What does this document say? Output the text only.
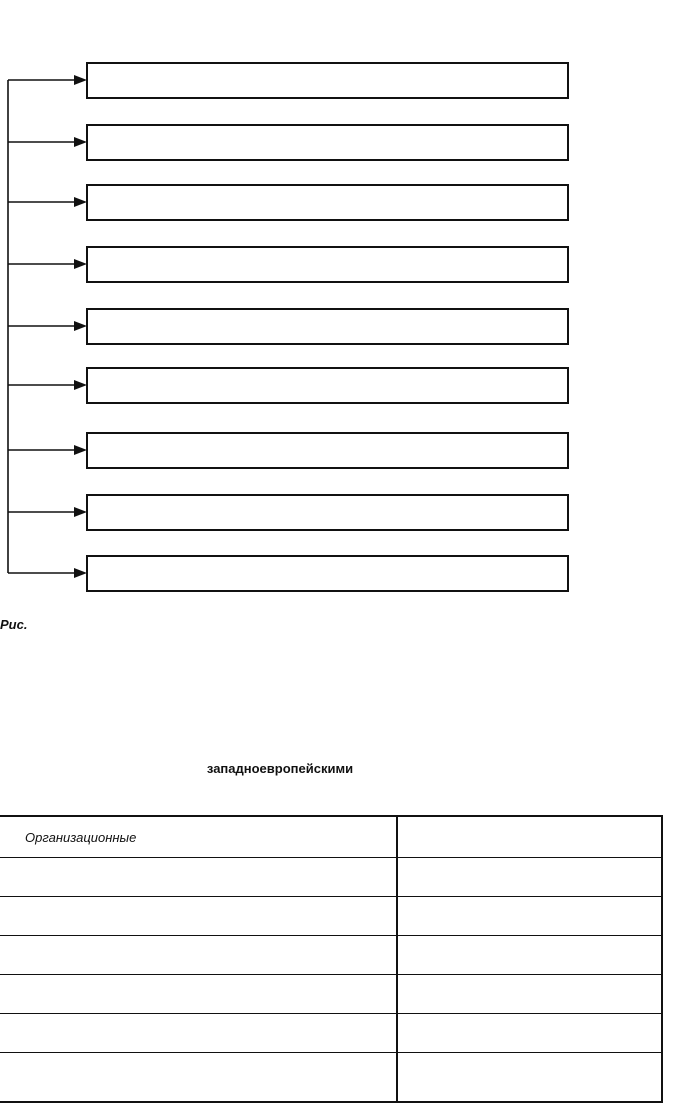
Рис.
западноевропейскими
Организационные	
